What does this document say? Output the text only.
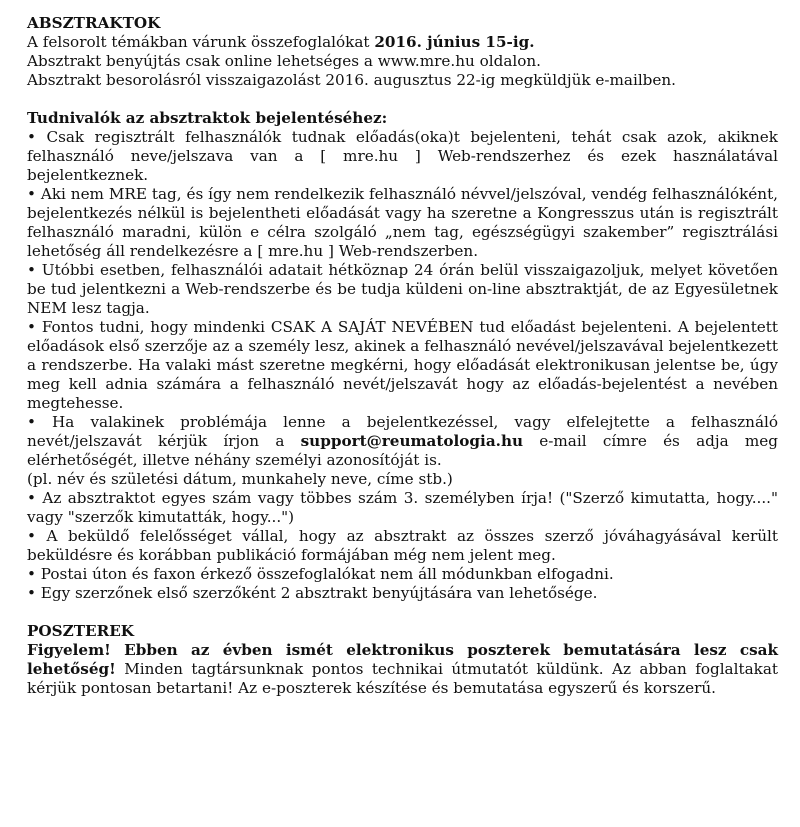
ABSZTRAKTOK

A felsorolt témákban várunk összefoglalókat 2016. június 15-ig.

Absztrakt benyújtás csak online lehetséges a www.mre.hu oldalon.

Absztrakt besorolásról visszaigazolást 2016. augusztus 22-ig megküldjük e-mailben.

Tudnivalók az absztraktok bejelentéséhez:

• Csak regisztrált felhasználók tudnak előadás(oka)t bejelenteni, tehát csak azok, akiknek felhasználó neve/jelszava van a [ mre.hu ] Web-rendszerhez és ezek használatával bejelentkeznek.

• Aki nem MRE tag, és így nem rendelkezik felhasználó névvel/jelszóval, vendég felhasználóként, bejelentkezés nélkül is bejelentheti előadását vagy ha szeretne a Kongresszus után is regisztrált felhasználó maradni, külön e célra szolgáló „nem tag, egészségügyi szakember” regisztrálási lehetőség áll rendelkezésre a [ mre.hu ] Web-rendszerben.

• Utóbbi esetben, felhasználói adatait hétköznap 24 órán belül visszaigazoljuk, melyet követően be tud jelentkezni a Web-rendszerbe és be tudja küldeni on-line absztraktját, de az Egyesületnek NEM lesz tagja.

• Fontos tudni, hogy mindenki CSAK A SAJÁT NEVÉBEN tud előadást bejelenteni. A bejelentett előadások első szerzője az a személy lesz, akinek a felhasználó nevével/jelszavával bejelentkezett a rendszerbe. Ha valaki mást szeretne megkérni, hogy előadását elektronikusan jelentse be, úgy meg kell adnia számára a felhasználó nevét/jelszavát hogy az előadás-bejelentést a nevében megtehesse.

• Ha valakinek problémája lenne a bejelentkezéssel, vagy elfelejtette a felhasználó nevét/jelszavát kérjük írjon a support@reumatologia.hu e-mail címre és adja meg elérhetőségét, illetve néhány személyi azonosítóját is.

(pl. név és születési dátum, munkahely neve, címe stb.)

• Az absztraktot egyes szám vagy többes szám 3. személyben írja! ("Szerző kimutatta, hogy...." vagy "szerzők kimutatták, hogy...")

• A beküldő felelősséget vállal, hogy az absztrakt az összes szerző jóváhagyásával került beküldésre és korábban publikáció formájában még nem jelent meg.

• Postai úton és faxon érkező összefoglalókat nem áll módunkban elfogadni.

• Egy szerzőnek első szerzőként 2 absztrakt benyújtására van lehetősége.

POSZTEREK

Figyelem! Ebben az évben ismét elektronikus poszterek bemutatására lesz csak lehetőség! Minden tagtársunknak pontos technikai útmutatót küldünk. Az abban foglaltakat kérjük pontosan betartani! Az e-poszterek készítése és bemutatása egyszerű és korszerű.
